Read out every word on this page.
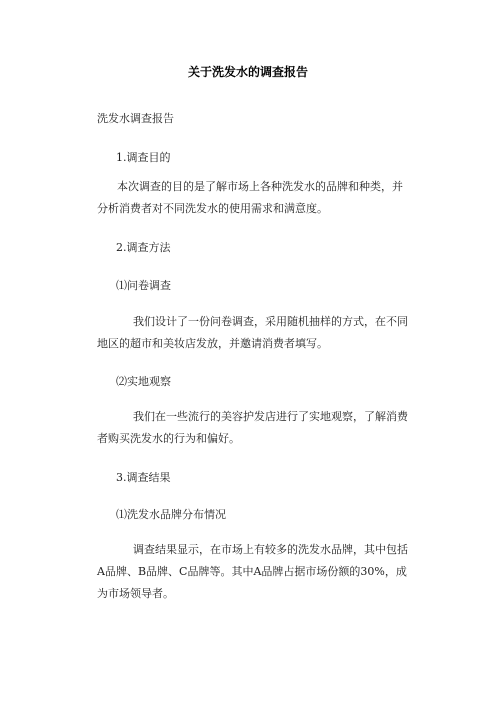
关于洗发水的调查报告
洗发水调查报告
1.调查目的
本次调查的目的是了解市场上各种洗发水的品牌和种类，并分析消费者对不同洗发水的使用需求和满意度。
2.调查方法
⑴问卷调查
我们设计了一份问卷调查，采用随机抽样的方式，在不同地区的超市和美妆店发放，并邀请消费者填写。
⑵实地观察
我们在一些流行的美容护发店进行了实地观察，了解消费者购买洗发水的行为和偏好。
3.调查结果
⑴洗发水品牌分布情况
调查结果显示，在市场上有较多的洗发水品牌，其中包括A品牌、B品牌、C品牌等。其中A品牌占据市场份额的30%，成为市场领导者。
